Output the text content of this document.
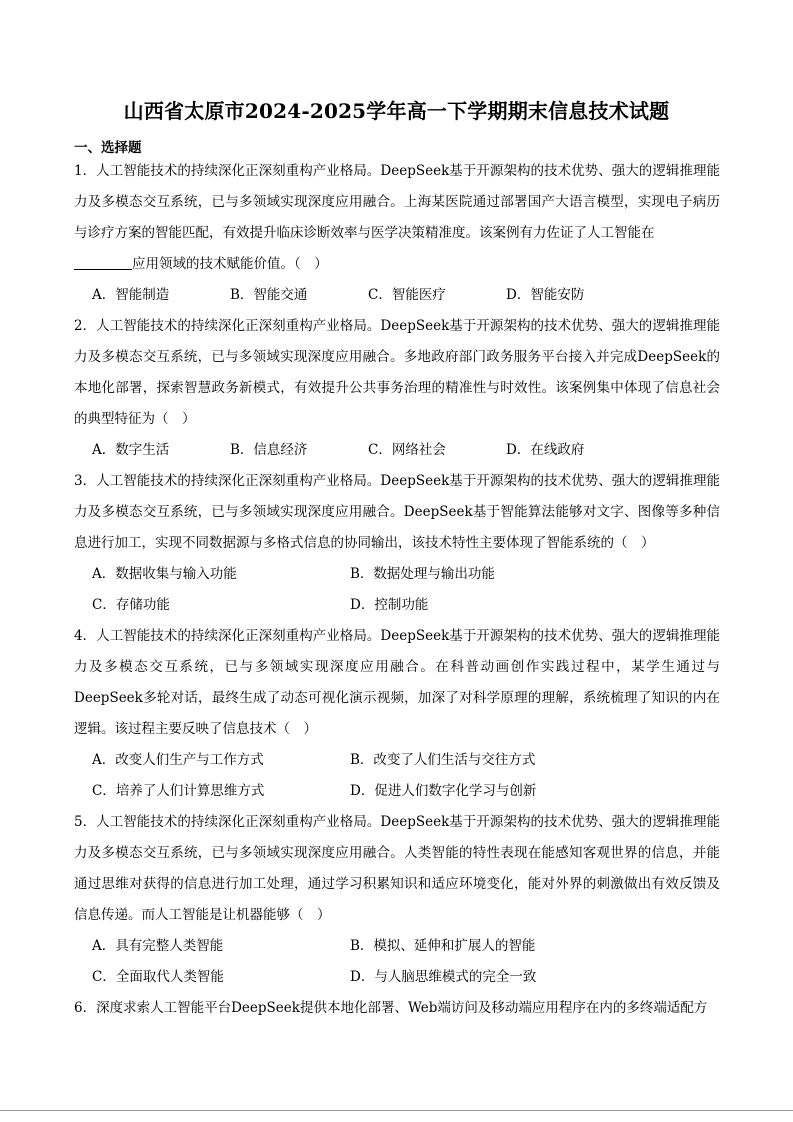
山西省太原市2024-2025学年高一下学期期末信息技术试题
一、选择题
1．人工智能技术的持续深化正深刻重构产业格局。DeepSeek基于开源架构的技术优势、强大的逻辑推理能力及多模态交互系统，已与多领域实现深度应用融合。上海某医院通过部署国产大语言模型，实现电子病历与诊疗方案的智能匹配，有效提升临床诊断效率与医学决策精准度。该案例有力佐证了人工智能在
应用领域的技术赋能价值。（　）
A．智能制造	B．智能交通	C．智能医疗	D．智能安防
2．人工智能技术的持续深化正深刻重构产业格局。DeepSeek基于开源架构的技术优势、强大的逻辑推理能力及多模态交互系统，已与多领域实现深度应用融合。多地政府部门政务服务平台接入并完成DeepSeek的本地化部署，探索智慧政务新模式，有效提升公共事务治理的精准性与时效性。该案例集中体现了信息社会的典型特征为（　）
A．数字生活	B．信息经济	C．网络社会	D．在线政府
3．人工智能技术的持续深化正深刻重构产业格局。DeepSeek基于开源架构的技术优势、强大的逻辑推理能力及多模态交互系统，已与多领域实现深度应用融合。DeepSeek基于智能算法能够对文字、图像等多种信息进行加工，实现不同数据源与多格式信息的协同输出，该技术特性主要体现了智能系统的（　）
A．数据收集与输入功能	B．数据处理与输出功能
C．存储功能	D．控制功能
4．人工智能技术的持续深化正深刻重构产业格局。DeepSeek基于开源架构的技术优势、强大的逻辑推理能力及多模态交互系统，已与多领域实现深度应用融合。在科普动画创作实践过程中，某学生通过与DeepSeek多轮对话，最终生成了动态可视化演示视频，加深了对科学原理的理解，系统梳理了知识的内在逻辑。该过程主要反映了信息技术（　）
A．改变人们生产与工作方式	B．改变了人们生活与交往方式
C．培养了人们计算思维方式	D．促进人们数字化学习与创新
5．人工智能技术的持续深化正深刻重构产业格局。DeepSeek基于开源架构的技术优势、强大的逻辑推理能力及多模态交互系统，已与多领域实现深度应用融合。人类智能的特性表现在能感知客观世界的信息，并能通过思维对获得的信息进行加工处理，通过学习积累知识和适应环境变化，能对外界的刺激做出有效反馈及信息传递。而人工智能是让机器能够（　）
A．具有完整人类智能	B．模拟、延伸和扩展人的智能
C．全面取代人类智能	D．与人脑思维模式的完全一致
6．深度求索人工智能平台DeepSeek提供本地化部署、Web端访问及移动端应用程序在内的多终端适配方
